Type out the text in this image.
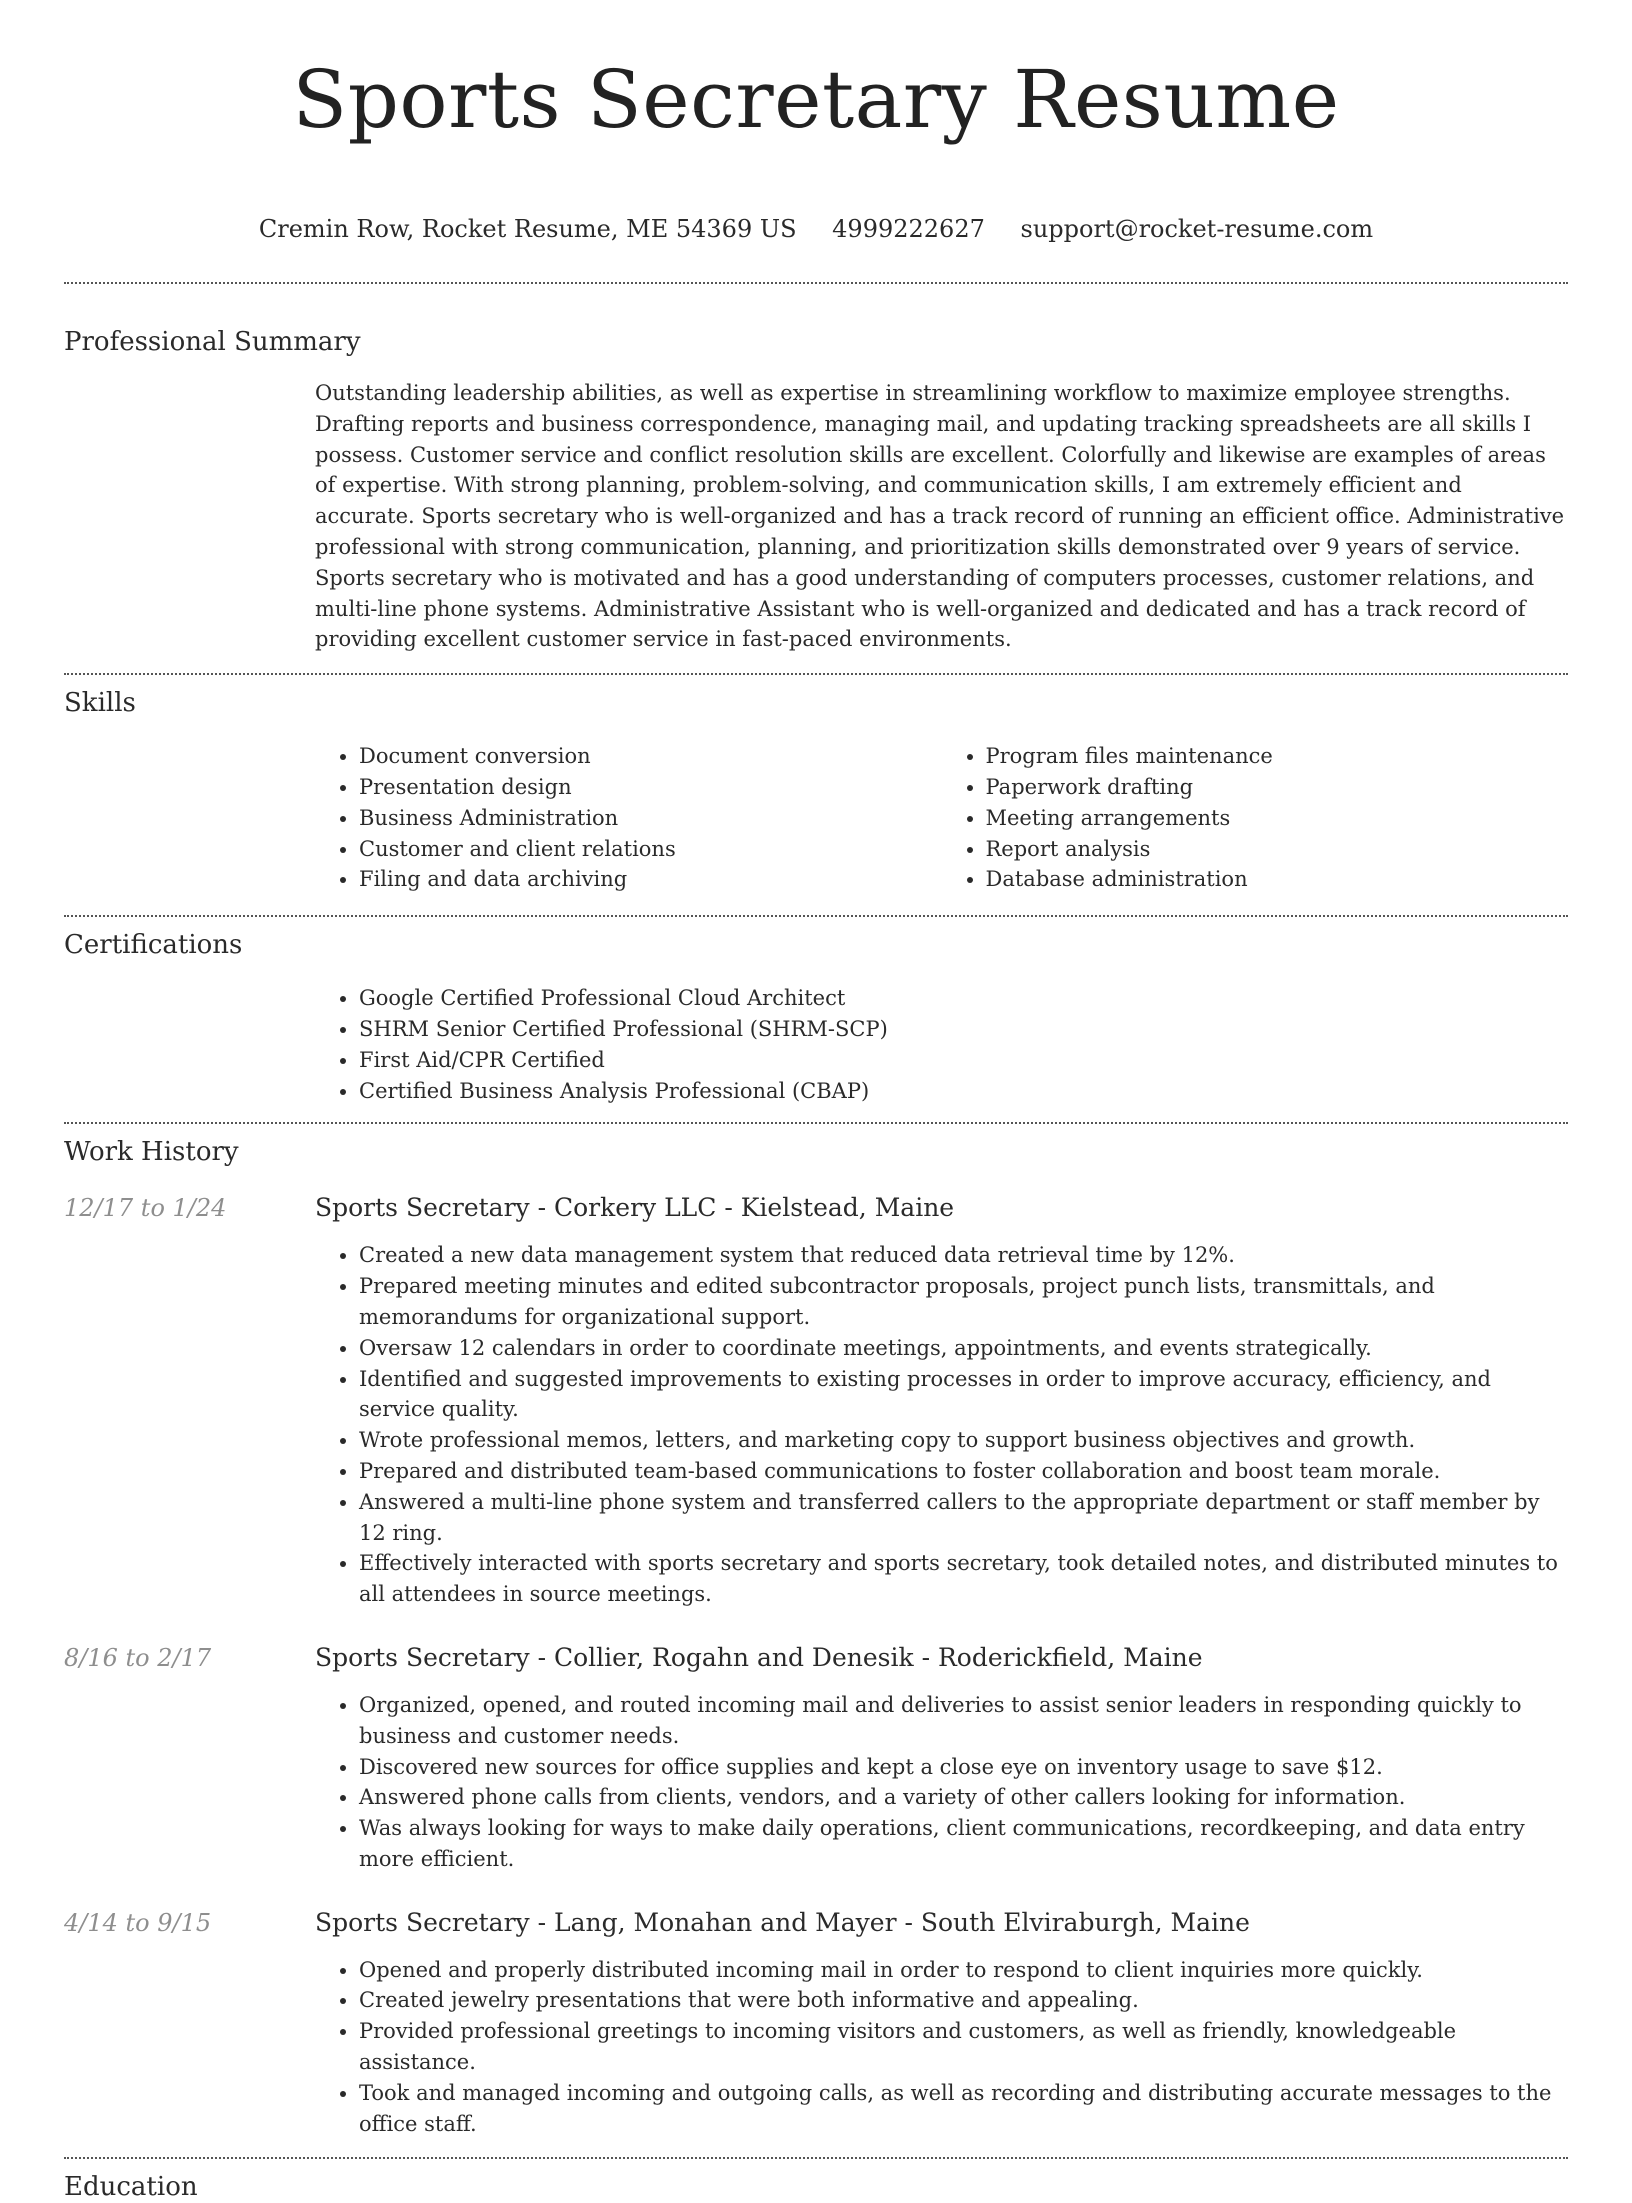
Sports Secretary Resume
Cremin Row, Rocket Resume, ME 54369 US 4999222627 support@rocket-resume.com
Professional Summary
Outstanding leadership abilities, as well as expertise in streamlining workflow to maximize employee strengths. Drafting reports and business correspondence, managing mail, and updating tracking spreadsheets are all skills I possess. Customer service and conflict resolution skills are excellent. Colorfully and likewise are examples of areas of expertise. With strong planning, problem-solving, and communication skills, I am extremely efficient and accurate. Sports secretary who is well-organized and has a track record of running an efficient office. Administrative professional with strong communication, planning, and prioritization skills demonstrated over 9 years of service. Sports secretary who is motivated and has a good understanding of computers processes, customer relations, and multi-line phone systems. Administrative Assistant who is well-organized and dedicated and has a track record of providing excellent customer service in fast-paced environments.
Skills
• Document conversion
• Presentation design
• Business Administration
• Customer and client relations
• Filing and data archiving
• Program files maintenance
• Paperwork drafting
• Meeting arrangements
• Report analysis
• Database administration
Certifications
• Google Certified Professional Cloud Architect
• SHRM Senior Certified Professional (SHRM-SCP)
• First Aid/CPR Certified
• Certified Business Analysis Professional (CBAP)
Work History
12/17 to 1/24	Sports Secretary - Corkery LLC - Kielstead, Maine
• Created a new data management system that reduced data retrieval time by 12%.
• Prepared meeting minutes and edited subcontractor proposals, project punch lists, transmittals, and memorandums for organizational support.
• Oversaw 12 calendars in order to coordinate meetings, appointments, and events strategically.
• Identified and suggested improvements to existing processes in order to improve accuracy, efficiency, and service quality.
• Wrote professional memos, letters, and marketing copy to support business objectives and growth.
• Prepared and distributed team-based communications to foster collaboration and boost team morale.
• Answered a multi-line phone system and transferred callers to the appropriate department or staff member by 12 ring.
• Effectively interacted with sports secretary and sports secretary, took detailed notes, and distributed minutes to all attendees in source meetings.
8/16 to 2/17	Sports Secretary - Collier, Rogahn and Denesik - Roderickfield, Maine
• Organized, opened, and routed incoming mail and deliveries to assist senior leaders in responding quickly to business and customer needs.
• Discovered new sources for office supplies and kept a close eye on inventory usage to save $12.
• Answered phone calls from clients, vendors, and a variety of other callers looking for information.
• Was always looking for ways to make daily operations, client communications, recordkeeping, and data entry more efficient.
4/14 to 9/15	Sports Secretary - Lang, Monahan and Mayer - South Elviraburgh, Maine
• Opened and properly distributed incoming mail in order to respond to client inquiries more quickly.
• Created jewelry presentations that were both informative and appealing.
• Provided professional greetings to incoming visitors and customers, as well as friendly, knowledgeable assistance.
• Took and managed incoming and outgoing calls, as well as recording and distributing accurate messages to the office staff.
Education
